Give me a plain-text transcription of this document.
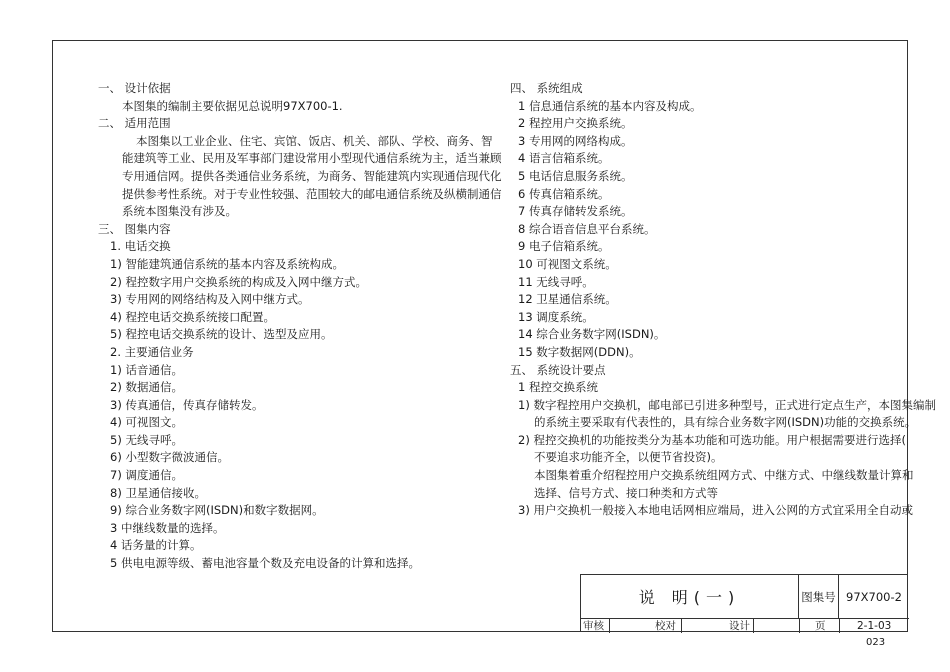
一、 设计依据
本图集的编制主要依据见总说明97X700-1.
二、 适用范围
本图集以工业企业、住宅、宾馆、饭店、机关、部队、学校、商务、智
能建筑等工业、民用及军事部门建设常用小型现代通信系统为主，适当兼顾
专用通信网。提供各类通信业务系统，为商务、智能建筑内实现通信现代化
提供参考性系统。对于专业性较强、范围较大的邮电通信系统及纵横制通信
系统本图集没有涉及。
三、 图集内容
1. 电话交换
1) 智能建筑通信系统的基本内容及系统构成。
2) 程控数字用户交换系统的构成及入网中继方式。
3) 专用网的网络结构及入网中继方式。
4) 程控电话交换系统接口配置。
5) 程控电话交换系统的设计、选型及应用。
2. 主要通信业务
1) 话音通信。
2) 数据通信。
3) 传真通信，传真存储转发。
4) 可视图文。
5) 无线寻呼。
6) 小型数字微波通信。
7) 调度通信。
8) 卫星通信接收。
9) 综合业务数字网(ISDN)和数字数据网。
3 中继线数量的选择。
4 话务量的计算。
5 供电电源等级、蓄电池容量个数及充电设备的计算和选择。
四、 系统组成
1 信息通信系统的基本内容及构成。
2 程控用户交换系统。
3 专用网的网络构成。
4 语言信箱系统。
5 电话信息服务系统。
6 传真信箱系统。
7 传真存储转发系统。
8 综合语音信息平台系统。
9 电子信箱系统。
10 可视图文系统。
11 无线寻呼。
12 卫星通信系统。
13 调度系统。
14 综合业务数字网(ISDN)。
15 数字数据网(DDN)。
五、 系统设计要点
1 程控交换系统
1) 数字程控用户交换机，邮电部已引进多种型号，正式进行定点生产，本图集编制
的系统主要采取有代表性的，具有综合业务数字网(ISDN)功能的交换系统。
2) 程控交换机的功能按类分为基本功能和可选功能。用户根据需要进行选择(
不要追求功能齐全，以便节省投资)。
本图集着重介绍程控用户交换系统组网方式、中继方式、中继线数量计算和
选择、信号方式、接口种类和方式等
3) 用户交换机一般接入本地电话网相应端局，进入公网的方式宜采用全自动或
说 明(一)	图集号 97X700-2
审核	校对	设计	页	2-1-03
023
